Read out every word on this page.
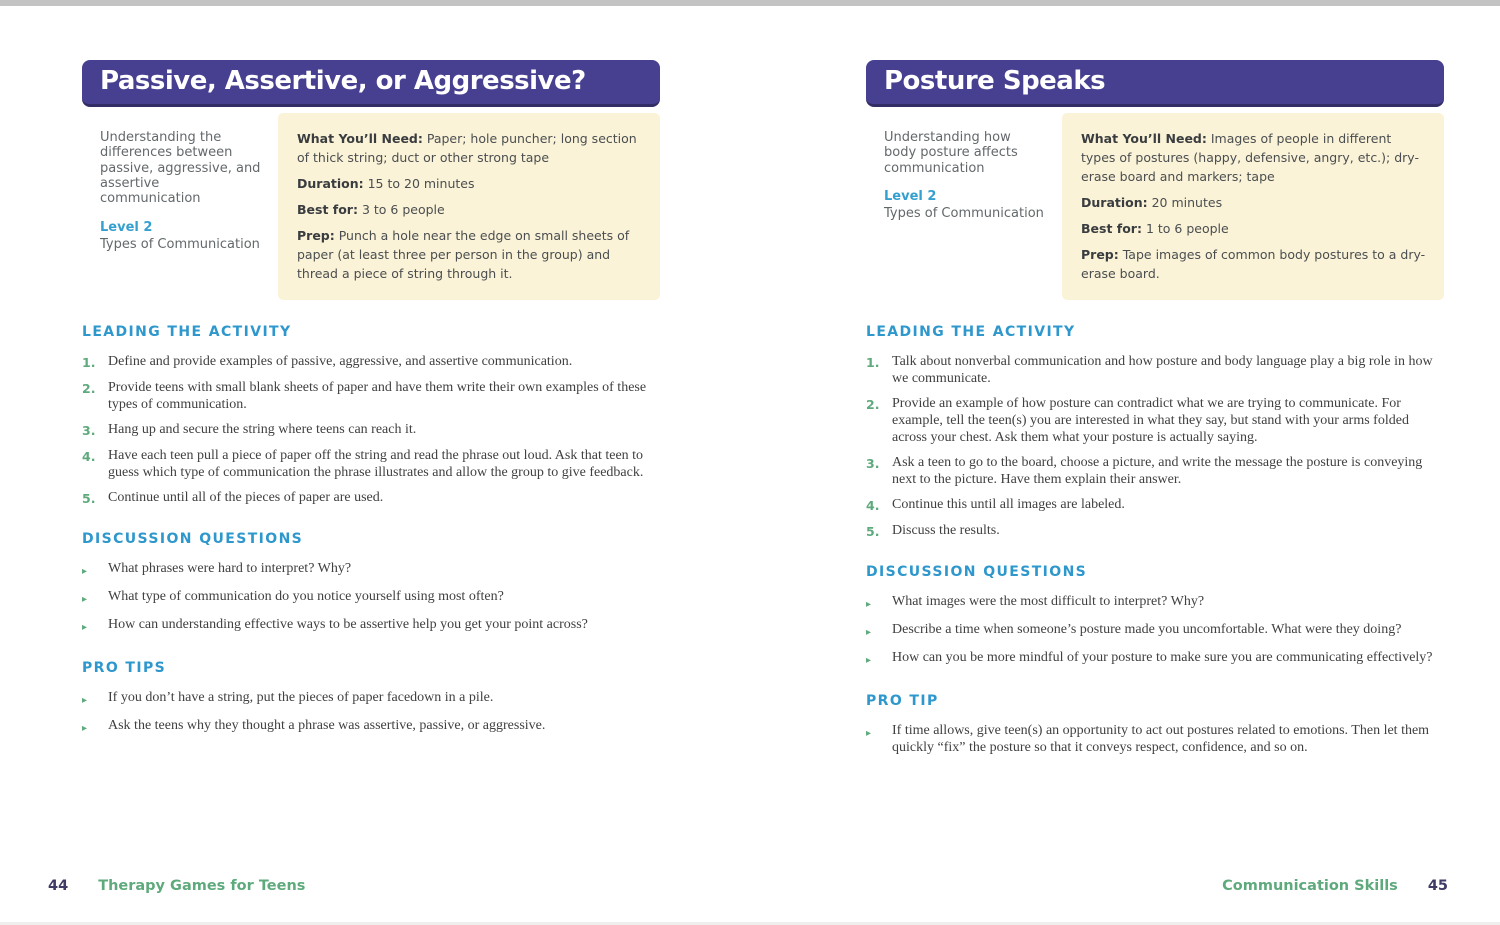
Passive, Assertive, or Aggressive?
Understanding the differences between passive, aggressive, and assertive communication
Level 2
Types of Communication
What You’ll Need: Paper; hole puncher; long section of thick string; duct or other strong tape
Duration: 15 to 20 minutes
Best for: 3 to 6 people
Prep: Punch a hole near the edge on small sheets of paper (at least three per person in the group) and thread a piece of string through it.
LEADING THE ACTIVITY
1. Define and provide examples of passive, aggressive, and assertive communication.
2. Provide teens with small blank sheets of paper and have them write their own examples of these types of communication.
3. Hang up and secure the string where teens can reach it.
4. Have each teen pull a piece of paper off the string and read the phrase out loud. Ask that teen to guess which type of communication the phrase illustrates and allow the group to give feedback.
5. Continue until all of the pieces of paper are used.
DISCUSSION QUESTIONS
▸	What phrases were hard to interpret? Why?
▸	What type of communication do you notice yourself using most often?
▸	How can understanding effective ways to be assertive help you get your point across?
PRO TIPS
▸	If you don’t have a string, put the pieces of paper facedown in a pile.
▸	Ask the teens why they thought a phrase was assertive, passive, or aggressive.
44 Therapy Games for Teens
Posture Speaks
Understanding how body posture affects communication
Level 2
Types of Communication
What You’ll Need: Images of people in different types of postures (happy, defensive, angry, etc.); dry-erase board and markers; tape
Duration: 20 minutes
Best for: 1 to 6 people
Prep: Tape images of common body postures to a dry-erase board.
LEADING THE ACTIVITY
1. Talk about nonverbal communication and how posture and body language play a big role in how we communicate.
2. Provide an example of how posture can contradict what we are trying to communicate. For example, tell the teen(s) you are interested in what they say, but stand with your arms folded across your chest. Ask them what your posture is actually saying.
3. Ask a teen to go to the board, choose a picture, and write the message the posture is conveying next to the picture. Have them explain their answer.
4. Continue this until all images are labeled.
5. Discuss the results.
DISCUSSION QUESTIONS
▸	What images were the most difficult to interpret? Why?
▸	Describe a time when someone’s posture made you uncomfortable. What were they doing?
▸	How can you be more mindful of your posture to make sure you are communicating effectively?
PRO TIP
▸	If time allows, give teen(s) an opportunity to act out postures related to emotions. Then let them quickly “fix” the posture so that it conveys respect, confidence, and so on.
Communication Skills 45
